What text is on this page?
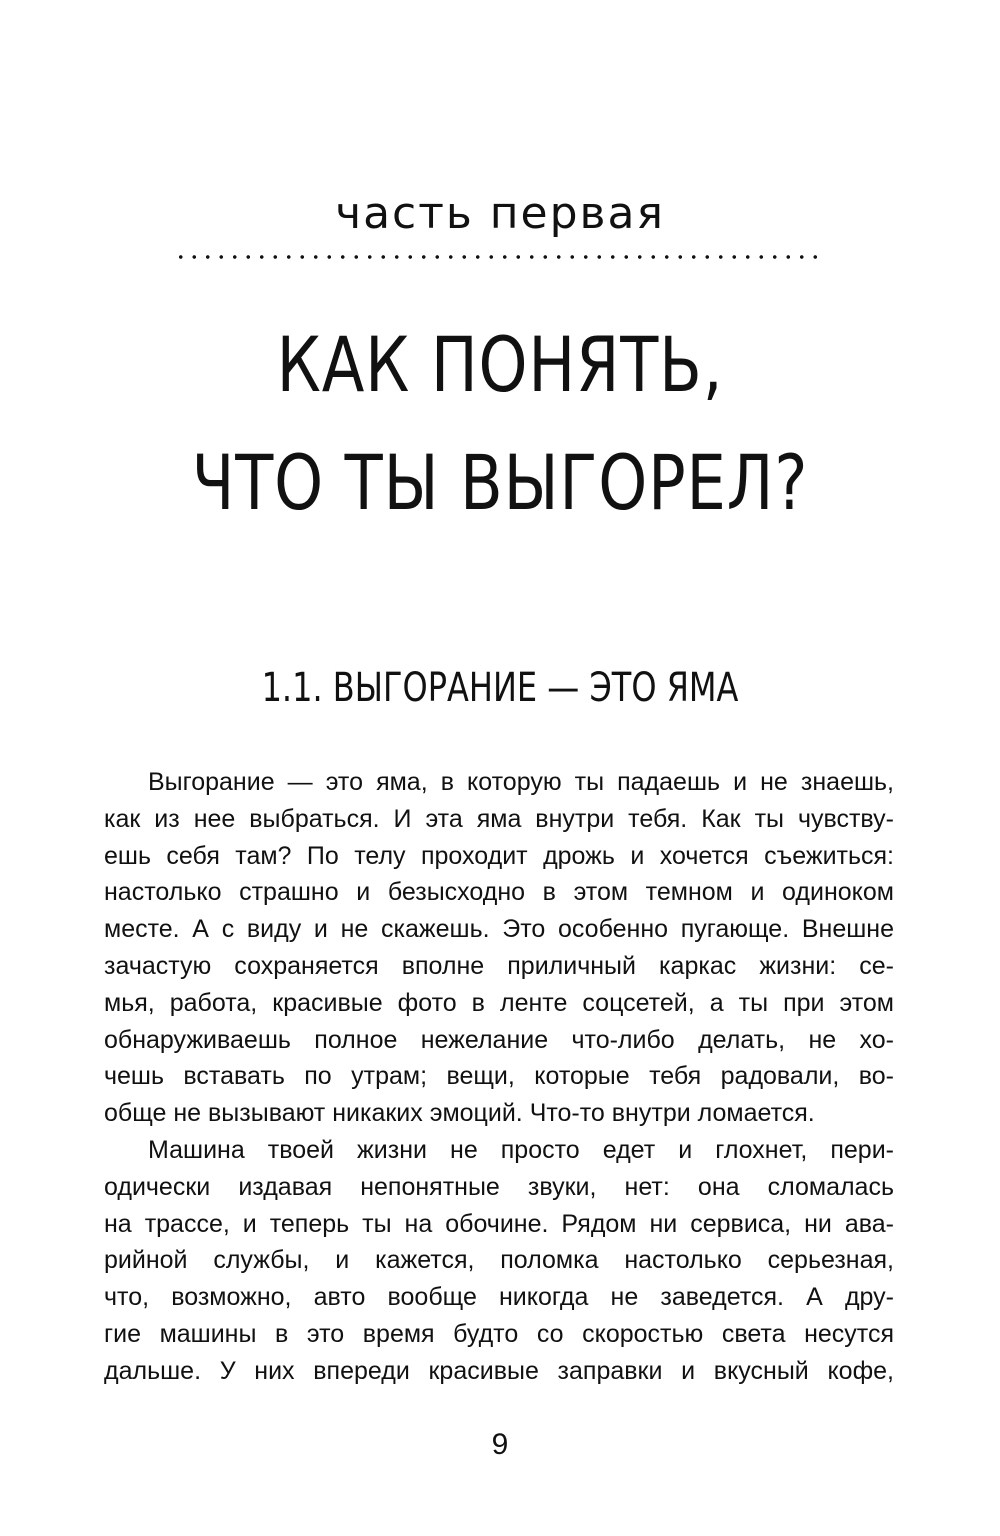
часть первая
КАК ПОНЯТЬ,
ЧТО ТЫ ВЫГОРЕЛ?
1.1. ВЫГОРАНИЕ — ЭТО ЯМА
Выгорание — это яма, в которую ты падаешь и не знаешь,
как из нее выбраться. И эта яма внутри тебя. Как ты чувству-
ешь себя там? По телу проходит дрожь и хочется съежиться:
настолько страшно и безысходно в этом темном и одиноком
месте. А с виду и не скажешь. Это особенно пугающе. Внешне
зачастую сохраняется вполне приличный каркас жизни: се-
мья, работа, красивые фото в ленте соцсетей, а ты при этом
обнаруживаешь полное нежелание что-либо делать, не хо-
чешь вставать по утрам; вещи, которые тебя радовали, во-
обще не вызывают никаких эмоций. Что-то внутри ломается.
Машина твоей жизни не просто едет и глохнет, пери-
одически издавая непонятные звуки, нет: она сломалась
на трассе, и теперь ты на обочине. Рядом ни сервиса, ни ава-
рийной службы, и кажется, поломка настолько серьезная,
что, возможно, авто вообще никогда не заведется. А дру-
гие машины в это время будто со скоростью света несутся
дальше. У них впереди красивые заправки и вкусный кофе,
9
